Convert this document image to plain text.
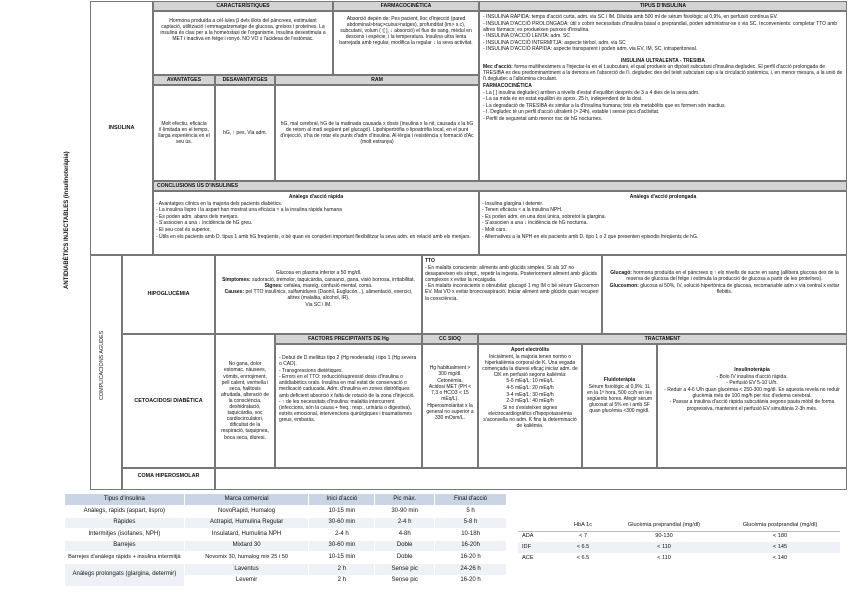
ANTIDIABÈTICS INJECTABLES (insulinoteràpia)
INSULINA
COMPLICACIONS AGUDES
CARACTERÍSTIQUES	FARMACOCINÈTICA	TIPUS D'INSULINA
Hormona produïda a cèl·lules β dels illots del pàncrees, estimulant captació, utilització i emmagatzematge de glucosa, greixos i proteïnes. La insulina és clau per a la homeòstasi de l'organisme. Insulina desestimula a MET i inactiva en fetge i ronyó. NO VO x l'acidesa de l'estómac.
Absorció depèn de: Pes pacient, lloc d'injecció (pared abdominal>braç>cuixa>natges), profunditat (im> s.c), subcutani, volum (↑[ ], ↓ absorció) el flux de sang, mèdul en descens i espècie, i la temperatura. Insulina ultra lenta barrejada amb regular, modifica la regular ↓ la seva activitat.

- INSULINA RÀPIDA: temps d'acció curta, adm. via SC i IM. Diluïda amb 500 ml de sèrum fisiològic al 0,9%, en perfusió contínua EV.

- INSULINA D'ACCIÓ PROLONGADA: útil x cobrir necessitats d'insulina basal o preprandial, poden administrar-se x via SC. Inconvenients: completar TTO amb altres fàrmacs; es produeixen punxes d'insulina.

- INSULINA D'ACCIÓ LENTA: adm. SC

- INSULINA D'ACCIÓ INTERMITJA: aspecte tèrbol, adm. via SC

- INSULINA D'ACCIÓ RÀPIDA: aspecte transparent i poden adm. via EV, IM, SC, intraperitoneal.

INSULINA ULTRALENTA - TRESIBA

Mec d'acció: forma multihexàmers a l'injectar-la en el t.subcutani, el qual produeix un dipòsit subcutani d'insulina degludec. El perfil d'acció prolongada de TRESIBA es deu predominantment a la demora en l'absorció de l'i. degludec des del teixit subcutani cap a la circulació sistèmica, i, en menor mesura, a la unió de l'i.degludec a l'albúmina circulant.

FARMACOCINÈTICA

- La [ ] insulina degludec) arriben a nivells d'estat d'equilibri després de 3 a 4 dies de la seva adm.

- La sa mida és en estat equilibri és aprox. 25 h, independent de la dosi.

- La degradació de TRESIBA és similar a la d'insulina humana; tots els metabòlits que es formen són inactius.

- I. Degludec té un perfil d'acció ultralent (> 24h), estable i sense pics d'activitat.

- Perfil de seguretat amb menor risc de hG nocturnes.

AVANTATGES	DESAVANTATGES	RAM
Molt efectiu, eficàcia il·limitada en el temps, llarga experiència en el seu ús.
hG, ↑ pes, Via adm.
hG, mal cerebral, hG de la matinada causada x dosis (insulina x la nit, causada x la hG de retorn al matí següent pel glucagó). Lipohipertròfia o lipoatròfia local, en el punt d'injecció, s'ha de rotar els punts d'adm d'insulina. Al·lèrgia i resistència x formació d'Ac (molt estranya)
CONCLUSIONS ÚS D'INSULINES

Anàlegs d'acció ràpida

- Avantatges clínics en la majoria dels pacients diabètics.

- La insulina lispro i la aspart han mostrat una eficàcia ≈ a la insulina ràpida humana

- Es poden adm. abans dels menjars.

- S'associen a una ↓ incidència de hG greu.

- El seu cost és superior.

- Útils en els pacients amb D. tipus 1 amb hG freqüents, o bé quan es consideri important flexibilitzar la seva adm. en relació amb els menjars.

Anàlegs d'acció prolongada

- Insulina glargina i detemir.

- Tenen eficàcia ≈ a la insulina NPH.

- Es poden adm. en una dosi única, sobretot la glargina.

- S'associen a una ↓ incidència de hG nocturna.

- Molt cars.

- Alternatives a la NPH en els pacients amb D. tipo 1 o 2 que presenten episodis freqüents de hG.

HIPOGLUCÈMIA

Glucosa en plasma inferior a 50 mg/dl.

Símptomes: sudoració, tremolor, taquicàrdia, cansanci, gana, visió borrosa, irritabilitat. Signes: cefalea, mareig, confusió mental, coma.

Causes: pel TTO insulínics, sulfamidures (Daonil, Euglucón...), alimentació, exercici, altres (malaltia, alcohol, IR).

Via SC i IM.

TTO

- En malalts conscients: aliments amb glúcids simples. Si als 10' no desapareixen els símpt., repetir la ingesta. Posteriorment aliment amb glúcids complexos x evitar la recaiguda.

- En malalts inconscients o obnubilat: glucagó 1 mg IM o bé sèrum Glucosmon EV. Mai VO x evitar broncoaspiració. Iniciar aliment amb glúcids quan recuperi la consciència.

Glucagó: hormona produïda en el pàncrees q ↑ els nivells de sucre en sang (allibera glucosa des de la reserva de glucosa del fetge i estimula la producció de glucosa a partir de les proteïnes).

Glucosmon: glucosa al 50%, IV, solució hipertònica de glucosa, recomanable adm x via central x evitar flebitis.

CETOACIDOSI DIABÈTICA
No gana, dolor estomac, nàusees, vòmits, enrrojiment, pell calent, vermella i seca, halitosis afruitada, alteració de la consciència, deshidratació, taquicàrdia, xoc cardiocirculatori, dificultat de la respiració, taquipnea, boca seca, diuresi.
FACTORS PRECIPITANTS DE Hg

- Debut de D.mellitus tipo 2 (Hg moderada) i tipo 1 (Hg severa o CAD).

- Transgressions dietètiques.

- Errors en el TTO: reducció/supressió dosis d'insulina o antidiabètics orals. Insulina en mal estat de conservació o medicació caducada. Adm. d'insulina en zones distròfiques amb deficient absorció x falta de rotació de la zona d'injecció.

- ↑ de les necessitats d'insulina: malaltia intercurrent (infeccions, són la causa + freq.: resp., urinària o digestiva), estrès emocional, intervencions quirúrgiques i traumatismes greus, embaràs.

CC SIOQ

Hg habitualment > 300 mg/dl.

Cetonèmia.

Acidosi MET (PH < 7,3 o HCO3 < 15 mEq/L).

Hiperosmolaritat x la general no superior a 330 mOsm/L.

TRACTAMENT

Aport electròlits

Inicialment, la majoria tenen normo o hiperkalièmia corporal de K. Una vegada començada la diuresi eficaç iniciar adm. de ClK en perfusió segons kalièmia:

5-6 mEq/L: 10 mEq/L

4-5 mEq/L: 20 mEq/h

3-4 mEq/L: 30 mEq/h

2-3 mEq/L: 40 mEq/h

Si no s'existeixen signes electrocardiogràfics d'hipopotassèmia s'aconsella no adm. K fins la determinació de kalièmia.

Fluidoteràpia

Sèrum fisiològic al 0,9%: 1L en la 1ª hora, 500 cc/h en les següents hores. Afegir sèrum glucosat al 5% en i amb SF quan glucèmia <300 mg/dl.

Insulinoteràpia

- Bolo IV insulina d'acció ràpida.

- Perfusió EV 5-10 U/h.

- Reduir a 4-6 U/h quan glucèmia < 250-300 mg/dl. En aquesta revela no reduir glucèmia més de 100 mg/h per risc d'edema cerebral.

- Passar a insulina d'acció ràpida subcutània segons pauta mòbil de forma progressiva, mantenint el perfusió EV simultània 2-3h més.

COMA HIPEROSMOLAR
Tipus d'insulina	Marca comercial	Inici d'acció	Pic màx.	Final d'acció
Anàlegs, ràpids (aspart, lispro)	NovoRapid, Humalog	10-15 min	30-90 min	5 h
Ràpides	Actrapid, Humulina Regular	30-60 min	2-4 h	5-8 h
Intermitjes (isofanes, NPH)	Insulatard, Humulina NPH	2-4 h	4-8h	10-18h
Barrejes	Mixtard 30	30-60 min	Doble	16-20h
Barrejes d'anàlegs ràpids + insulina intermitjà	Novomix 30, humalog mix 25 i 50	10-15 min	Doble	16-20 h
Anàlegs prolongats (glargina, determir)	Laventus	2 h	Sense pic	24-26 h
	Levemir	2 h	Sense pic	16-20 h
	HbA 1c	Glucèmia preprandial (mg/dl)	Glucèmia postprandial (mg/dl)
ADA	< 7	90-130	< 180
IDF	< 6.5	< 110	< 145
ACE	< 6.5	< 110	< 140
